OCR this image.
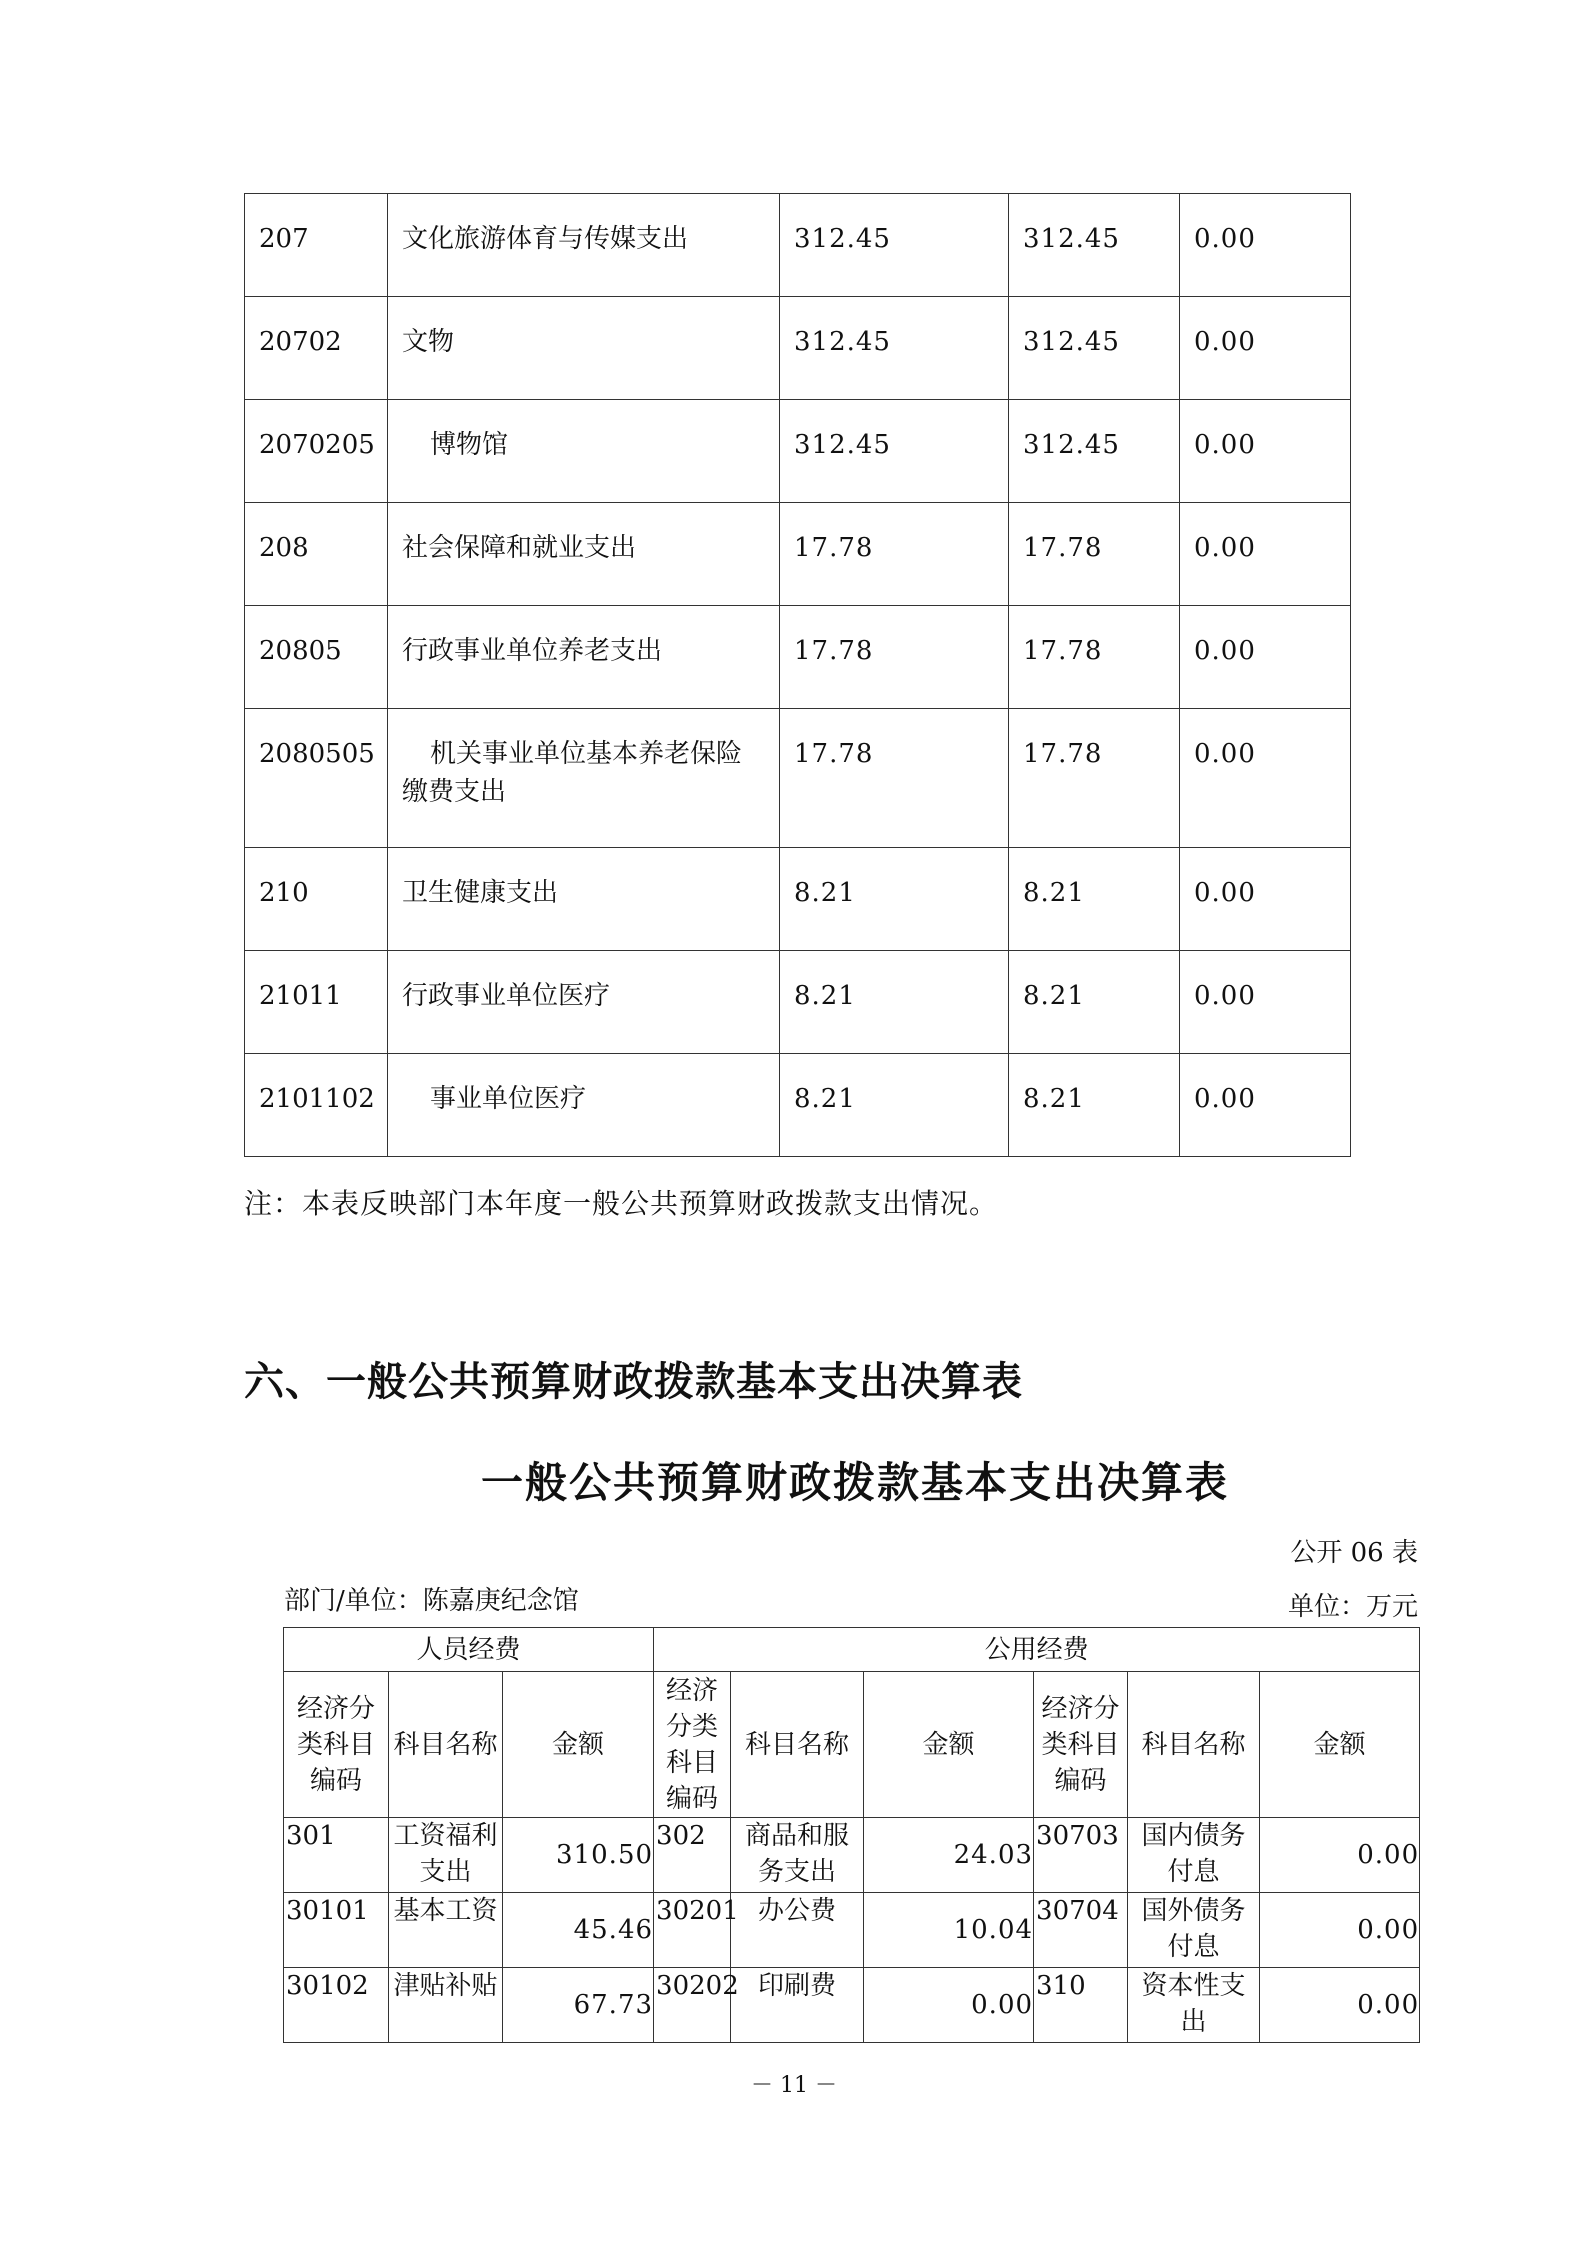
207	文化旅游体育与传媒支出	312.45	312.45	0.00
20702	文物	312.45	312.45	0.00
2070205	博物馆	312.45	312.45	0.00
208	社会保障和就业支出	17.78	17.78	0.00
20805	行政事业单位养老支出	17.78	17.78	0.00
2080505	机关事业单位基本养老保险缴费支出	17.78	17.78	0.00
210	卫生健康支出	8.21	8.21	0.00
21011	行政事业单位医疗	8.21	8.21	0.00
2101102	事业单位医疗	8.21	8.21	0.00
注：本表反映部门本年度一般公共预算财政拨款支出情况。
六、一般公共预算财政拨款基本支出决算表
一般公共预算财政拨款基本支出决算表
公开 06 表
部门/单位：陈嘉庚纪念馆	单位：万元
人员经费			公用经费					
经济分类科目编码	科目名称	金额	经济分类科目编码	科目名称	金额	经济分类科目编码	科目名称	金额
301	工资福利支出	310.50	302	商品和服务支出	24.03	30703	国内债务付息	0.00
30101	基本工资	45.46	30201	办公费	10.04	30704	国外债务付息	0.00
30102	津贴补贴	67.73	30202	印刷费	0.00	310	资本性支出	0.00
－ 11 －
